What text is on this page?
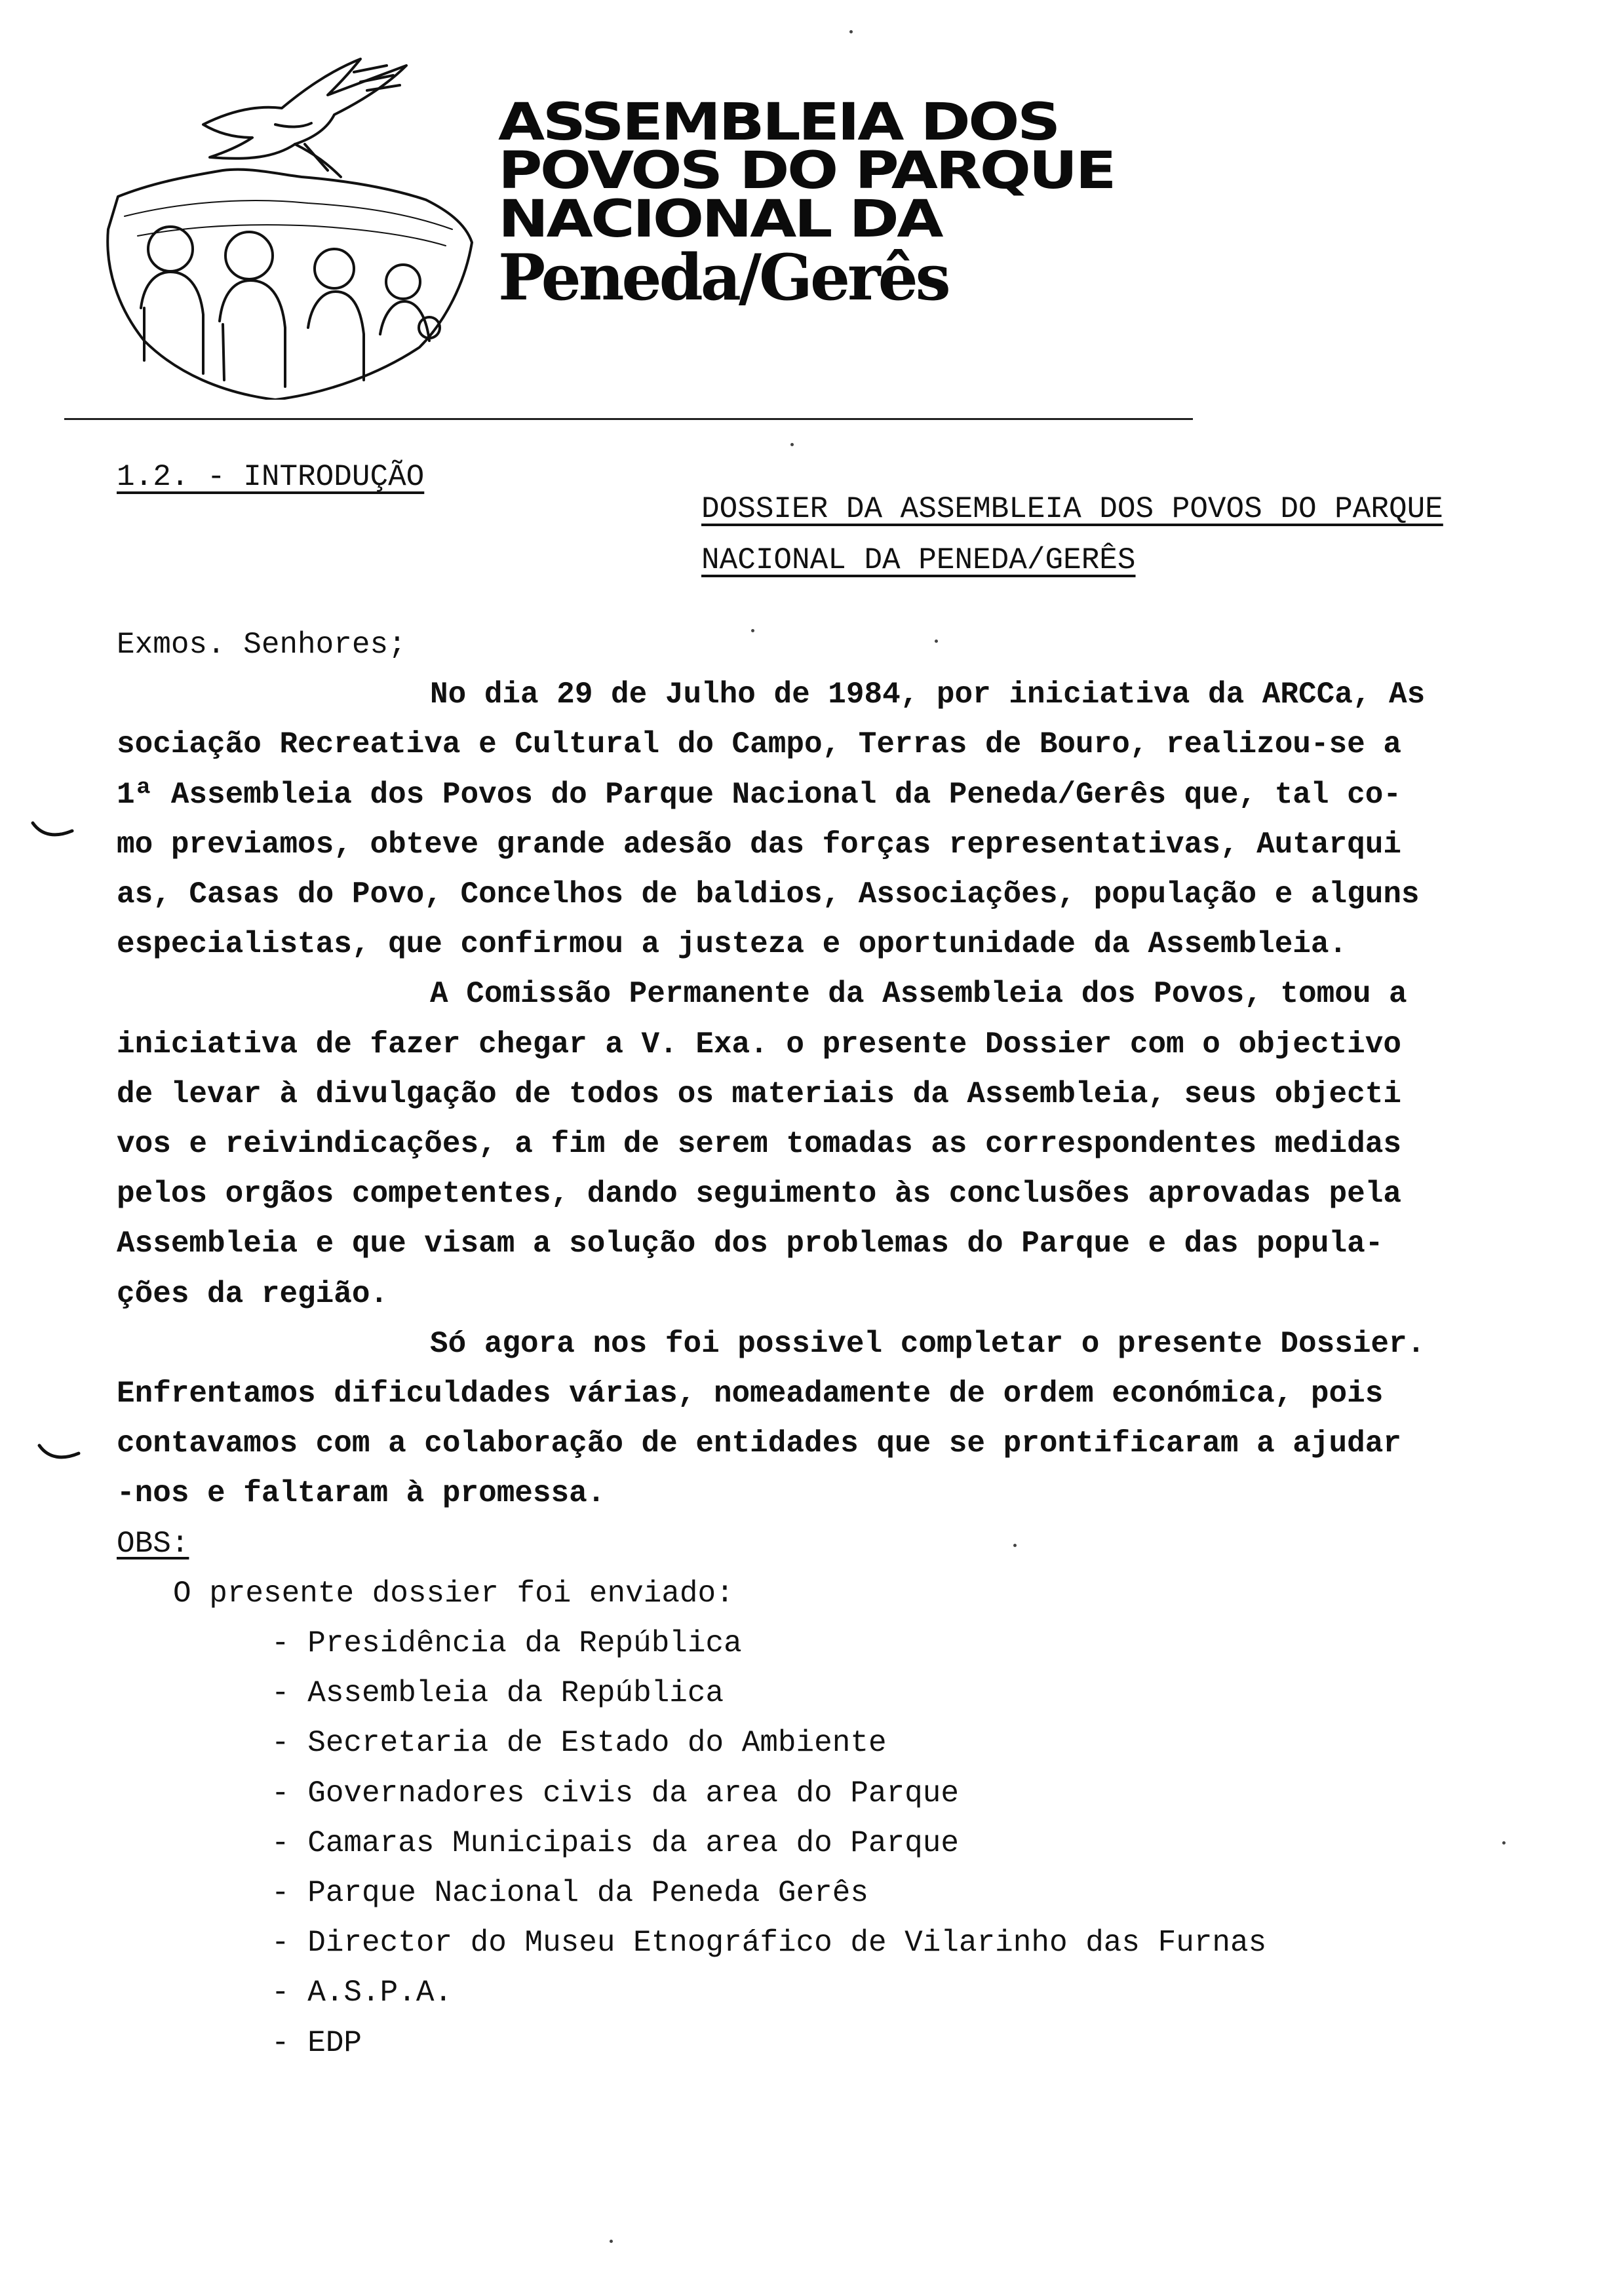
ASSEMBLEIA DOS
POVOS DO PARQUE
NACIONAL DA
Peneda/Gerês
1.2. - INTRODUÇÃO
DOSSIER DA ASSEMBLEIA DOS POVOS DO PARQUE
NACIONAL DA PENEDA/GERÊS
Exmos. Senhores;
No dia 29 de Julho de 1984, por iniciativa da ARCCa, As
sociação Recreativa e Cultural do Campo, Terras de Bouro, realizou-se a
1ª Assembleia dos Povos do Parque Nacional da Peneda/Gerês que, tal co-
mo previamos, obteve grande adesão das forças representativas, Autarqui
as, Casas do Povo, Concelhos de baldios, Associações, população e alguns
especialistas, que confirmou a justeza e oportunidade da Assembleia.
A Comissão Permanente da Assembleia dos Povos, tomou a
iniciativa de fazer chegar a V. Exa. o presente Dossier com o objectivo
de levar à divulgação de todos os materiais da Assembleia, seus objecti
vos e reivindicações, a fim de serem tomadas as correspondentes medidas
pelos orgãos competentes, dando seguimento às conclusões aprovadas pela
Assembleia e que visam a solução dos problemas do Parque e das popula-
ções da região.
Só agora nos foi possivel completar o presente Dossier.
Enfrentamos dificuldades várias, nomeadamente de ordem económica, pois
contavamos com a colaboração de entidades que se prontificaram a ajudar
-nos e faltaram à promessa.
OBS:
O presente dossier foi enviado:
- Presidência da República
- Assembleia da República
- Secretaria de Estado do Ambiente
- Governadores civis da area do Parque
- Camaras Municipais da area do Parque
- Parque Nacional da Peneda Gerês
- Director do Museu Etnográfico de Vilarinho das Furnas
- A.S.P.A.
- EDP
